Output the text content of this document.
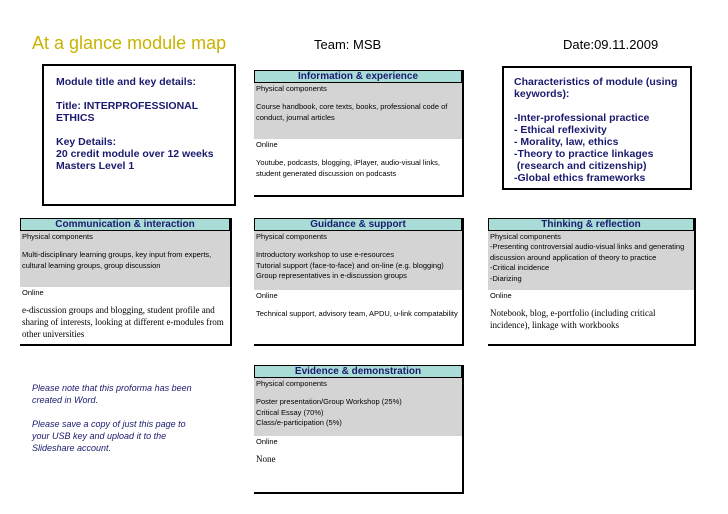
At a glance module map	Team: MSB	Date:09.11.2009
Module title and key details:
Title: INTERPROFESSIONAL
ETHICS
Key Details:
20 credit module over 12 weeks
Masters Level 1
Characteristics of module (using
keywords):
-Inter-professional practice
- Ethical reflexivity
- Morality, law, ethics
-Theory to practice linkages
(research and citizenship)
-Global ethics frameworks
Information & experience
Physical components
Course handbook, core texts, books, professional code of conduct, journal articles
Online
Youtube, podcasts, blogging, iPlayer, audio-visual links, student generated discussion on podcasts
Communication & interaction
Physical components
Multi-disciplinary learning groups, key input from experts, cultural learning groups, group discussion
Online
e-discussion groups and blogging, student profile and sharing of interests, looking at different e-modules from other universities
Guidance & support
Physical components
Introductory workshop to use e-resources
Tutorial support (face-to-face) and on-line (e.g. blogging)
Group representatives in e-discussion groups
Online
Technical support, advisory team, APDU, u-link compatability
Thinking & reflection
Physical components
-Presenting controversial audio-visual links and generating discussion around application of theory to practice
-Critical incidence
-Diarizing
Online
Notebook, blog, e-portfolio (including critical incidence), linkage with workbooks
Evidence & demonstration
Physical components
Poster presentation/Group Workshop (25%)
Critical Essay (70%)
Class/e-participation (5%)
Online
None
Please note that this proforma has been
created in Word.
Please save a copy of just this page to
your USB key and upload it to the
Slideshare account.
